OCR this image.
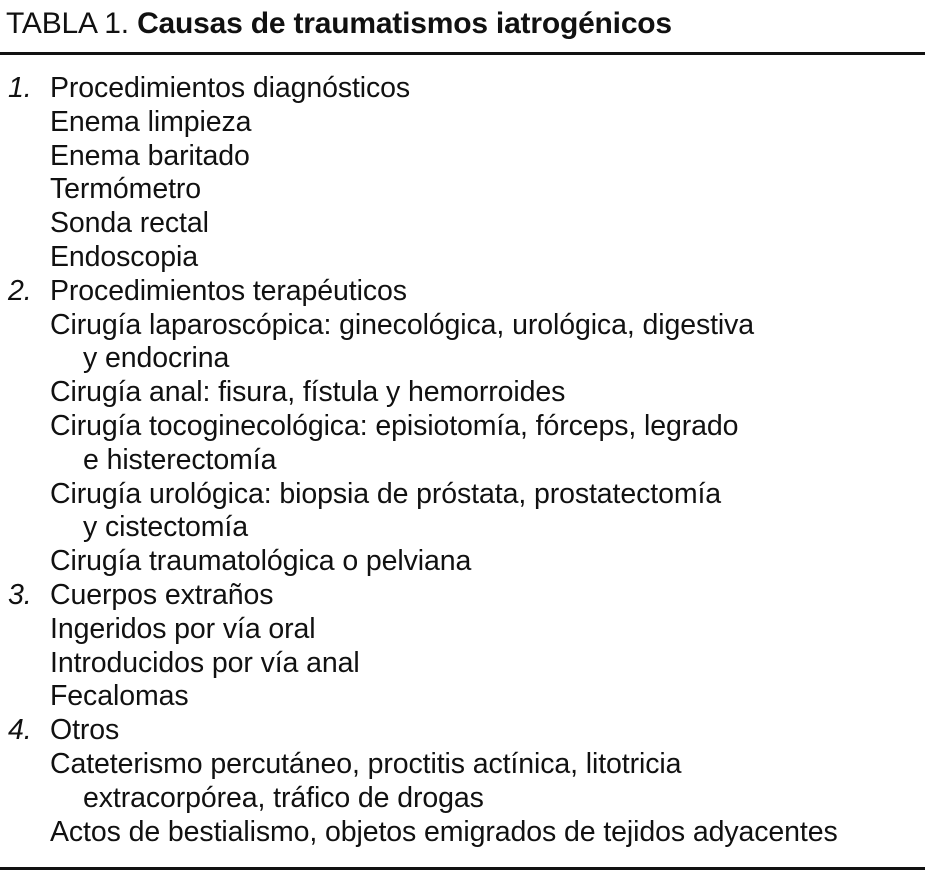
TABLA 1. Causas de traumatismos iatrogénicos
1. Procedimientos diagnósticos
Enema limpieza
Enema baritado
Termómetro
Sonda rectal
Endoscopia
2. Procedimientos terapéuticos
Cirugía laparoscópica: ginecológica, urológica, digestiva
y endocrina
Cirugía anal: fisura, fístula y hemorroides
Cirugía tocoginecológica: episiotomía, fórceps, legrado
e histerectomía
Cirugía urológica: biopsia de próstata, prostatectomía
y cistectomía
Cirugía traumatológica o pelviana
3. Cuerpos extraños
Ingeridos por vía oral
Introducidos por vía anal
Fecalomas
4. Otros
Cateterismo percutáneo, proctitis actínica, litotricia
extracorpórea, tráfico de drogas
Actos de bestialismo, objetos emigrados de tejidos adyacentes
